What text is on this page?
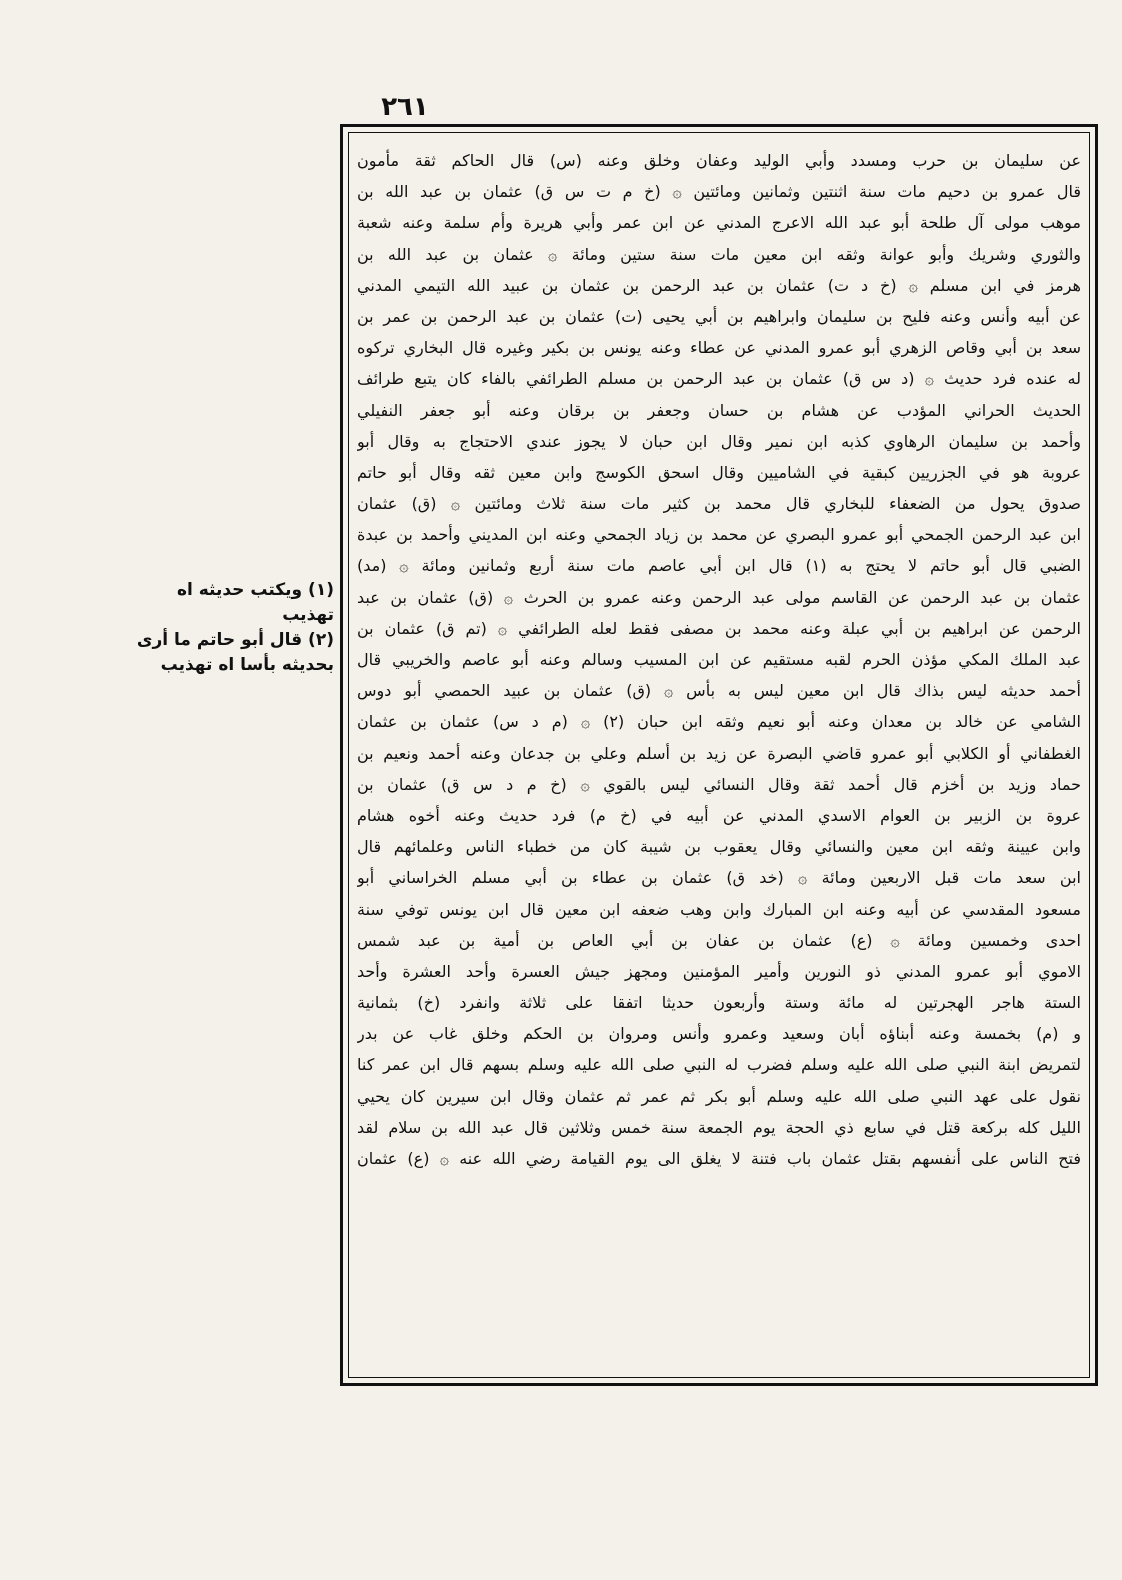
٢٦١
(١) ويكتب حديثه اه تهذيب
(٢) قال أبو حاتم ما أرى بحديثه بأسا اه تهذيب
عن سليمان بن حرب ومسدد وأبي الوليد وعفان وخلق وعنه (س) قال الحاكم ثقة مأمون
قال عمرو بن دحيم مات سنة اثنتين وثمانين ومائتين ۞ (خ م ت س ق) عثمان بن عبد الله بن
موهب مولى آل طلحة أبو عبد الله الاعرج المدني عن ابن عمر وأبي هريرة وأم سلمة وعنه شعبة
والثوري وشريك وأبو عوانة وثقه ابن معين مات سنة ستين ومائة ۞ عثمان بن عبد الله بن
هرمز في ابن مسلم ۞ (خ د ت) عثمان بن عبد الرحمن بن عثمان بن عبيد الله التيمي المدني
عن أبيه وأنس وعنه فليح بن سليمان وابراهيم بن أبي يحيى (ت) عثمان بن عبد الرحمن بن عمر بن
سعد بن أبي وقاص الزهري أبو عمرو المدني عن عطاء وعنه يونس بن بكير وغيره قال البخاري تركوه
له عنده فرد حديث ۞ (د س ق) عثمان بن عبد الرحمن بن مسلم الطرائفي بالفاء كان يتبع طرائف
الحديث الحراني المؤدب عن هشام بن حسان وجعفر بن برقان وعنه أبو جعفر النفيلي
وأحمد بن سليمان الرهاوي كذبه ابن نمير وقال ابن حبان لا يجوز عندي الاحتجاج به وقال أبو
عروبة هو في الجزريين كبقية في الشاميين وقال اسحق الكوسج وابن معين ثقه وقال أبو حاتم
صدوق يحول من الضعفاء للبخاري قال محمد بن كثير مات سنة ثلاث ومائتين ۞ (ق) عثمان
ابن عبد الرحمن الجمحي أبو عمرو البصري عن محمد بن زياد الجمحي وعنه ابن المديني وأحمد بن عبدة
الضبي قال أبو حاتم لا يحتج به (١) قال ابن أبي عاصم مات سنة أربع وثمانين ومائة ۞ (مد)
عثمان بن عبد الرحمن عن القاسم مولى عبد الرحمن وعنه عمرو بن الحرث ۞ (ق) عثمان بن عبد
الرحمن عن ابراهيم بن أبي عبلة وعنه محمد بن مصفى فقط لعله الطرائفي ۞ (تم ق) عثمان بن
عبد الملك المكي مؤذن الحرم لقبه مستقيم عن ابن المسيب وسالم وعنه أبو عاصم والخريبي قال
أحمد حديثه ليس بذاك قال ابن معين ليس به بأس ۞ (ق) عثمان بن عبيد الحمصي أبو دوس
الشامي عن خالد بن معدان وعنه أبو نعيم وثقه ابن حبان (٢) ۞ (م د س) عثمان بن عثمان
الغطفاني أو الكلابي أبو عمرو قاضي البصرة عن زيد بن أسلم وعلي بن جدعان وعنه أحمد ونعيم بن
حماد وزيد بن أخزم قال أحمد ثقة وقال النسائي ليس بالقوي ۞ (خ م د س ق) عثمان بن
عروة بن الزبير بن العوام الاسدي المدني عن أبيه في (خ م) فرد حديث وعنه أخوه هشام
وابن عيينة وثقه ابن معين والنسائي وقال يعقوب بن شيبة كان من خطباء الناس وعلمائهم قال
ابن سعد مات قبل الاربعين ومائة ۞ (خد ق) عثمان بن عطاء بن أبي مسلم الخراساني أبو
مسعود المقدسي عن أبيه وعنه ابن المبارك وابن وهب ضعفه ابن معين قال ابن يونس توفي سنة
احدى وخمسين ومائة ۞ (ع) عثمان بن عفان بن أبي العاص بن أمية بن عبد شمس
الاموي أبو عمرو المدني ذو النورين وأمير المؤمنين ومجهز جيش العسرة وأحد العشرة وأحد
الستة هاجر الهجرتين له مائة وستة وأربعون حديثا اتفقا على ثلاثة وانفرد (خ) بثمانية
و (م) بخمسة وعنه أبناؤه أبان وسعيد وعمرو وأنس ومروان بن الحكم وخلق غاب عن بدر
لتمريض ابنة النبي صلى الله عليه وسلم فضرب له النبي صلى الله عليه وسلم بسهم قال ابن عمر كنا
نقول على عهد النبي صلى الله عليه وسلم أبو بكر ثم عمر ثم عثمان وقال ابن سيرين كان يحيي
الليل كله بركعة قتل في سابع ذي الحجة يوم الجمعة سنة خمس وثلاثين قال عبد الله بن سلام لقد
فتح الناس على أنفسهم بقتل عثمان باب فتنة لا يغلق الى يوم القيامة رضي الله عنه ۞ (ع) عثمان
